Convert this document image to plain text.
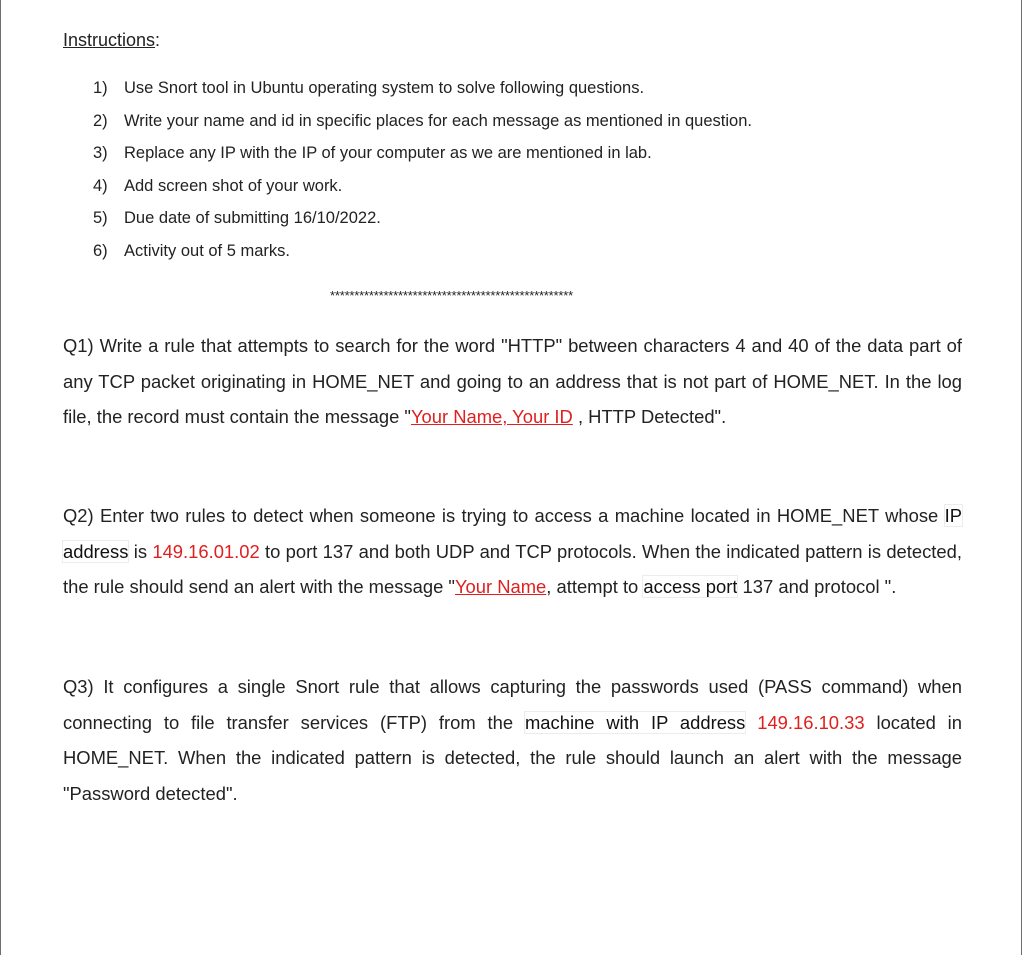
Instructions:
1) Use Snort tool in Ubuntu operating system to solve following questions.
2) Write your name and id in specific places for each message as mentioned in question.
3) Replace any IP with the IP of your computer as we are mentioned in lab.
4) Add screen shot of your work.
5) Due date of submitting 16/10/2022.
6) Activity out of 5 marks.
**************************************************
Q1) Write a rule that attempts to search for the word "HTTP" between characters 4 and 40 of the data part of any TCP packet originating in HOME_NET and going to an address that is not part of HOME_NET. In the log file, the record must contain the message "Your Name, Your ID , HTTP Detected".
Q2) Enter two rules to detect when someone is trying to access a machine located in HOME_NET whose IP address is 149.16.01.02 to port 137 and both UDP and TCP protocols. When the indicated pattern is detected, the rule should send an alert with the message "Your Name, attempt to access port 137 and protocol ".
Q3) It configures a single Snort rule that allows capturing the passwords used (PASS command) when connecting to file transfer services (FTP) from the machine with IP address 149.16.10.33 located in HOME_NET. When the indicated pattern is detected, the rule should launch an alert with the message "Password detected".
